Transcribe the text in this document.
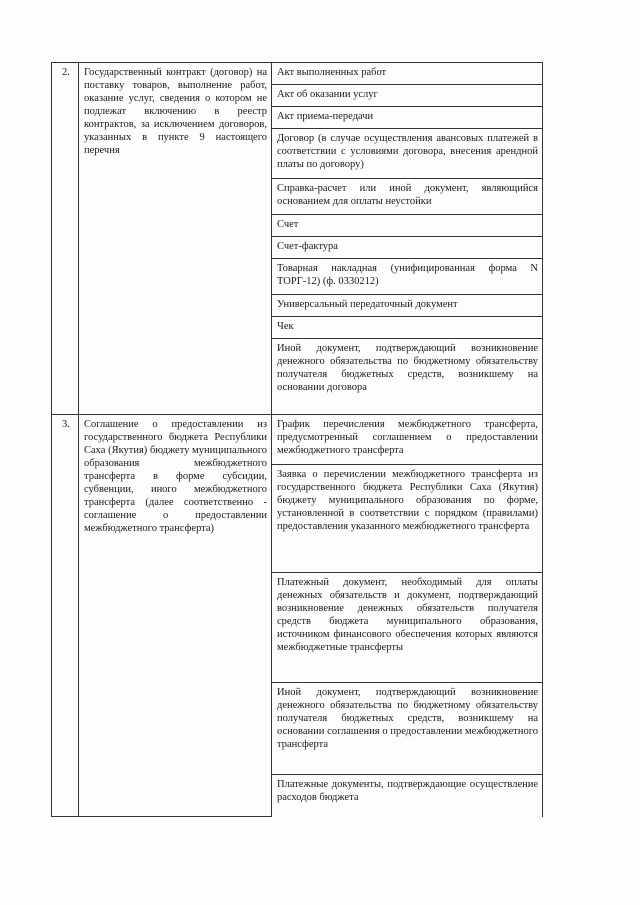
2.	Государственный контракт (договор) на поставку товаров, выполнение работ, оказание услуг, сведения о котором не подлежат включению в реестр контрактов, за исключением договоров, указанных в пункте 9 настоящего перечня	Акт выполненных работ
		Акт об оказании услуг
		Акт приема-передачи
		Договор (в случае осуществления авансовых платежей в соответствии с условиями договора, внесения арендной платы по договору)
		Справка-расчет или иной документ, являющийся основанием для оплаты неустойки
		Счет
		Счет-фактура
		Товарная накладная (унифицированная форма N ТОРГ-12) (ф. 0330212)
		Универсальный передаточный документ
		Чек
		Иной документ, подтверждающий возникновение денежного обязательства по бюджетному обязательству получателя бюджетных средств, возникшему на основании договора
3.	Соглашение о предоставлении из государственного бюджета Республики Саха (Якутия) бюджету муниципального образования межбюджетного трансферта в форме субсидии, субвенции, иного межбюджетного трансферта (далее соответственно - соглашение о предоставлении межбюджетного трансферта)	График перечисления межбюджетного трансферта, предусмотренный соглашением о предоставлении межбюджетного трансферта
		Заявка о перечислении межбюджетного трансферта из государственного бюджета Республики Саха (Якутия) бюджету муниципального образования по форме, установленной в соответствии с порядком (правилами) предоставления указанного межбюджетного трансферта
		Платежный документ, необходимый для оплаты денежных обязательств и документ, подтверждающий возникновение денежных обязательств получателя средств бюджета муниципального образования, источником финансового обеспечения которых являются межбюджетные трансферты
		Иной документ, подтверждающий возникновение денежного обязательства по бюджетному обязательству получателя бюджетных средств, возникшему на основании соглашения о предоставлении межбюджетного трансферта
		Платежные документы, подтверждающие осуществление расходов бюджета
